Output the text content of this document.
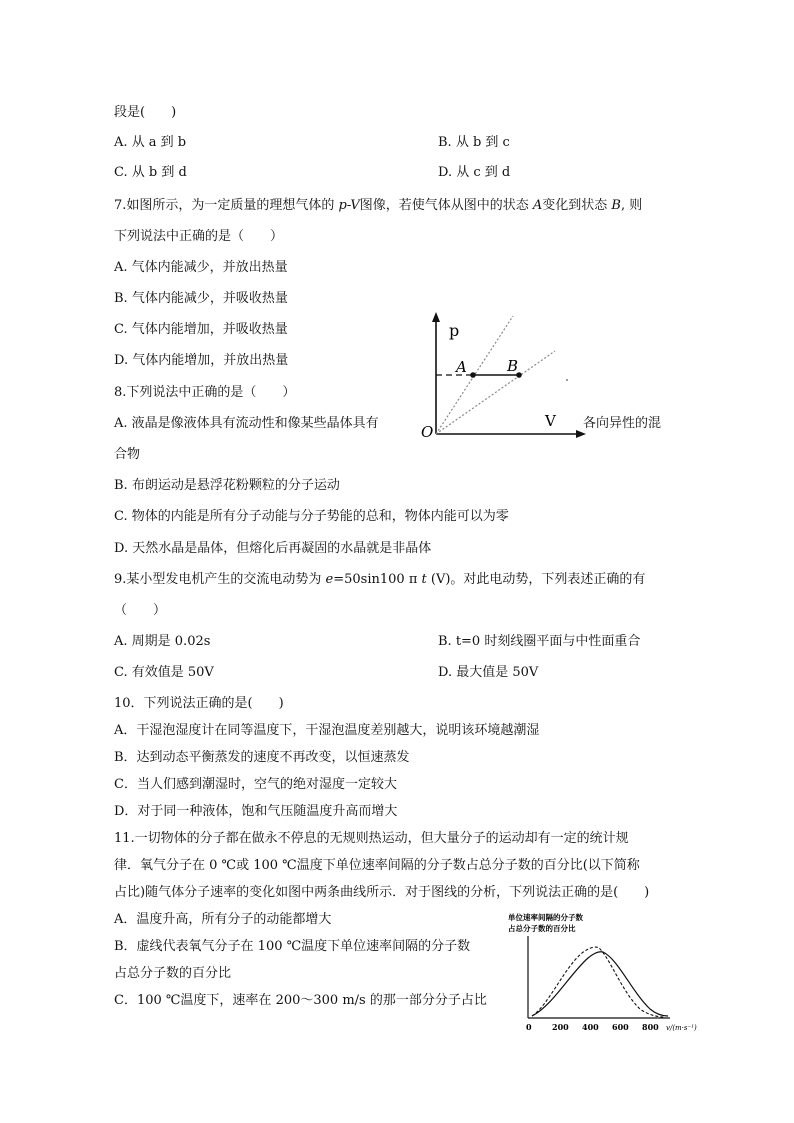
段是(　　)
A. 从 a 到 b	B. 从 b 到 c
C. 从 b 到 d	D. 从 c 到 d
7.如图所示，为一定质量的理想气体的 p-V图像，若使气体从图中的状态 A变化到状态 B, 则
下列说法中正确的是（　　）
A. 气体内能减少，并放出热量
B. 气体内能减少，并吸收热量
C. 气体内能增加，并吸收热量
D. 气体内能增加，并放出热量
8.下列说法中正确的是（　　）
A. 液晶是像液体具有流动性和像某些晶体具有	各向异性的混
合物
B. 布朗运动是悬浮花粉颗粒的分子运动
C. 物体的内能是所有分子动能与分子势能的总和，物体内能可以为零
D. 天然水晶是晶体，但熔化后再凝固的水晶就是非晶体
p
V
O
A	B
9.某小型发电机产生的交流电动势为 e=50sin100 π t (V)。对此电动势，下列表述正确的有
（　　）
A. 周期是 0.02s	B. t=0 时刻线圈平面与中性面重合
C. 有效值是 50V	D. 最大值是 50V
10．下列说法正确的是(　　)
A．干湿泡湿度计在同等温度下，干湿泡温度差别越大，说明该环境越潮湿
B．达到动态平衡蒸发的速度不再改变，以恒速蒸发
C．当人们感到潮湿时，空气的绝对湿度一定较大
D．对于同一种液体，饱和气压随温度升高而增大
11.一切物体的分子都在做永不停息的无规则热运动，但大量分子的运动却有一定的统计规
律．氧气分子在 0 ℃或 100 ℃温度下单位速率间隔的分子数占总分子数的百分比(以下简称
占比)随气体分子速率的变化如图中两条曲线所示．对于图线的分析，下列说法正确的是(　　)
A．温度升高，所有分子的动能都增大
B．虚线代表氧气分子在 100 ℃温度下单位速率间隔的分子数
占总分子数的百分比
C．100 ℃温度下，速率在 200～300 m/s 的那一部分分子占比
单位速率间隔的分子数
占总分子数的百分比
0	200 400 600 800 v/(m·s⁻¹)
